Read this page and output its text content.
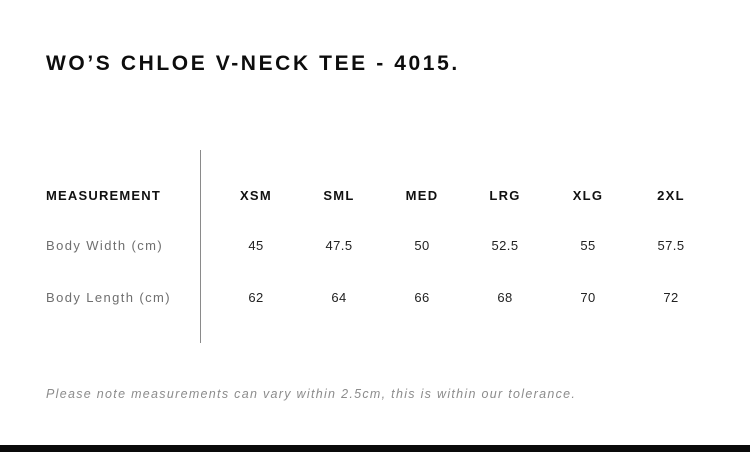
WO’S CHLOE V-NECK TEE - 4015.
MEASUREMENT	XSM	SML	MED	LRG	XLG	2XL
Body Width (cm)	45	47.5	50	52.5	55	57.5
Body Length (cm)	62	64	66	68	70	72
Please note measurements can vary within 2.5cm, this is within our tolerance.
